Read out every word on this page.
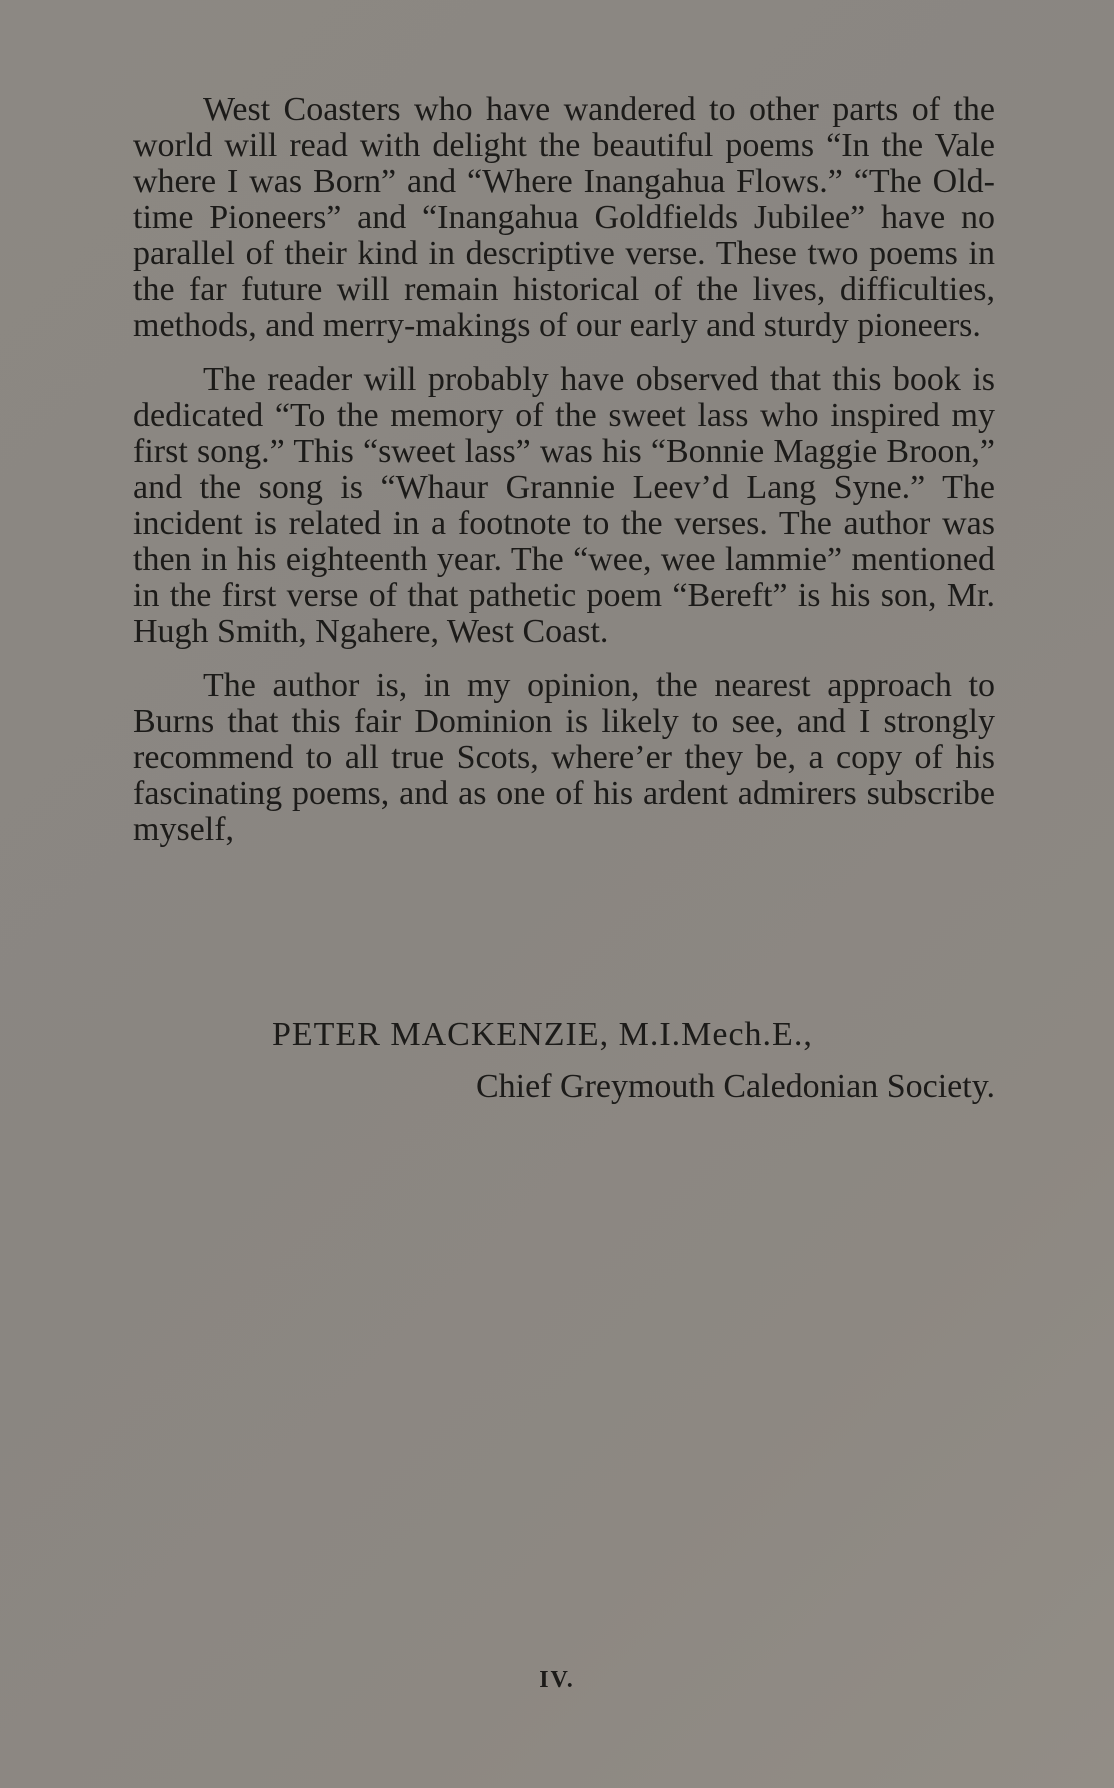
West Coasters who have wandered to other parts of the world will read with delight the beautiful poems “In the Vale where I was Born” and “Where Inangahua Flows.” “The Old-time Pioneers” and “Inangahua Goldfields Jubilee” have no parallel of their kind in descriptive verse. These two poems in the far future will remain historical of the lives, difficulties, methods, and merry-makings of our early and sturdy pioneers.

The reader will probably have observed that this book is dedicated “To the memory of the sweet lass who inspired my first song.” This “sweet lass” was his “Bonnie Maggie Broon,” and the song is “Whaur Grannie Leev’d Lang Syne.” The incident is related in a footnote to the verses. The author was then in his eighteenth year. The “wee, wee lammie” mentioned in the first verse of that pathetic poem “Bereft” is his son, Mr. Hugh Smith, Ngahere, West Coast.

The author is, in my opinion, the nearest approach to Burns that this fair Dominion is likely to see, and I strongly recommend to all true Scots, where’er they be, a copy of his fascinating poems, and as one of his ardent admirers subscribe myself,

PETER MACKENZIE, M.I.Mech.E.,
Chief Greymouth Caledonian Society.
IV.
